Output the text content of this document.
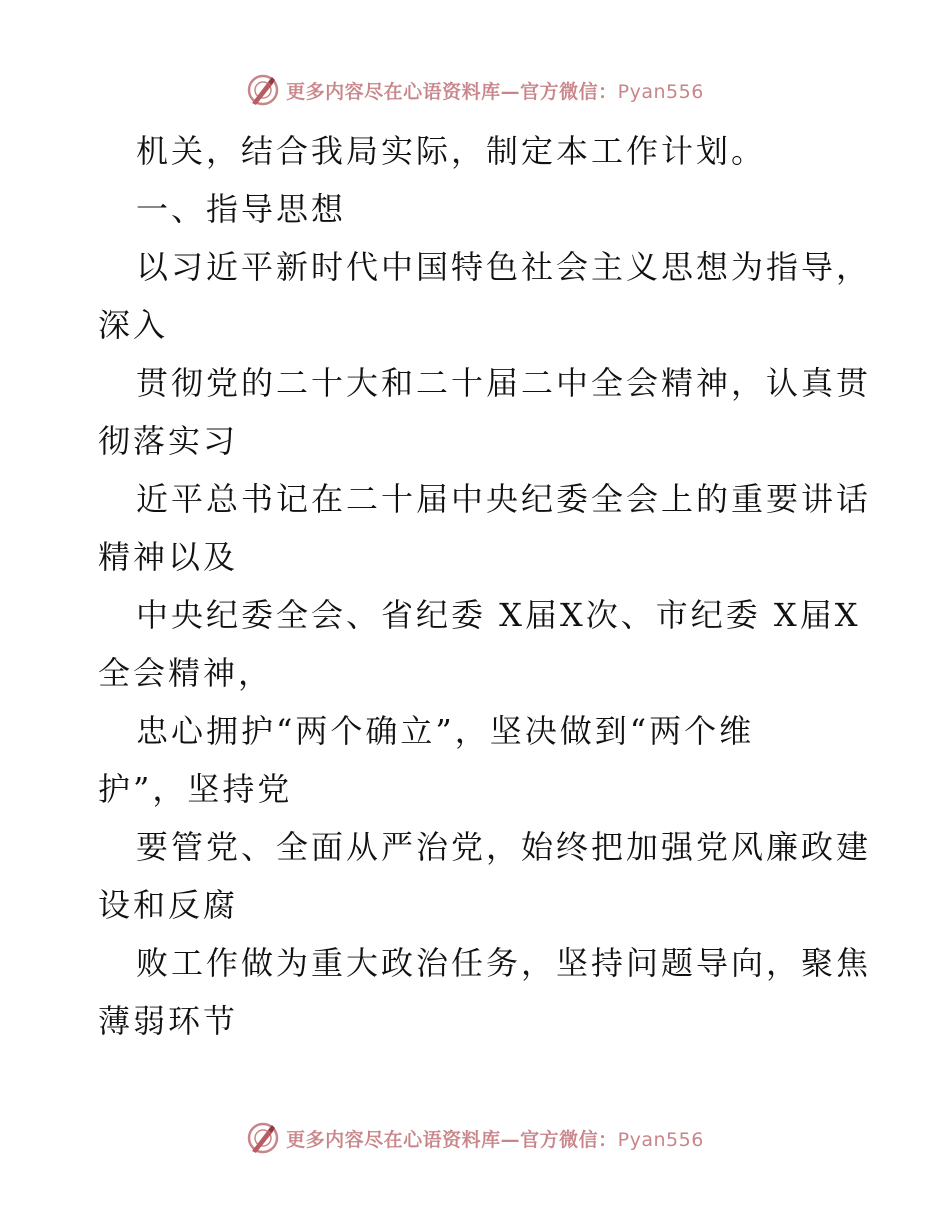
更多内容尽在心语资料库—官方微信：Pyan556
机关，结合我局实际，制定本工作计划。
一、指导思想
以习近平新时代中国特色社会主义思想为指导，
深入
贯彻党的二十大和二十届二中全会精神，认真贯
彻落实习
近平总书记在二十届中央纪委全会上的重要讲话
精神以及
中央纪委全会、省纪委 X届X次、市纪委 X届X
全会精神，
忠心拥护“两个确立”，坚决做到“两个维
护”，坚持党
要管党、全面从严治党，始终把加强党风廉政建
设和反腐
败工作做为重大政治任务，坚持问题导向，聚焦
薄弱环节
更多内容尽在心语资料库—官方微信：Pyan556
